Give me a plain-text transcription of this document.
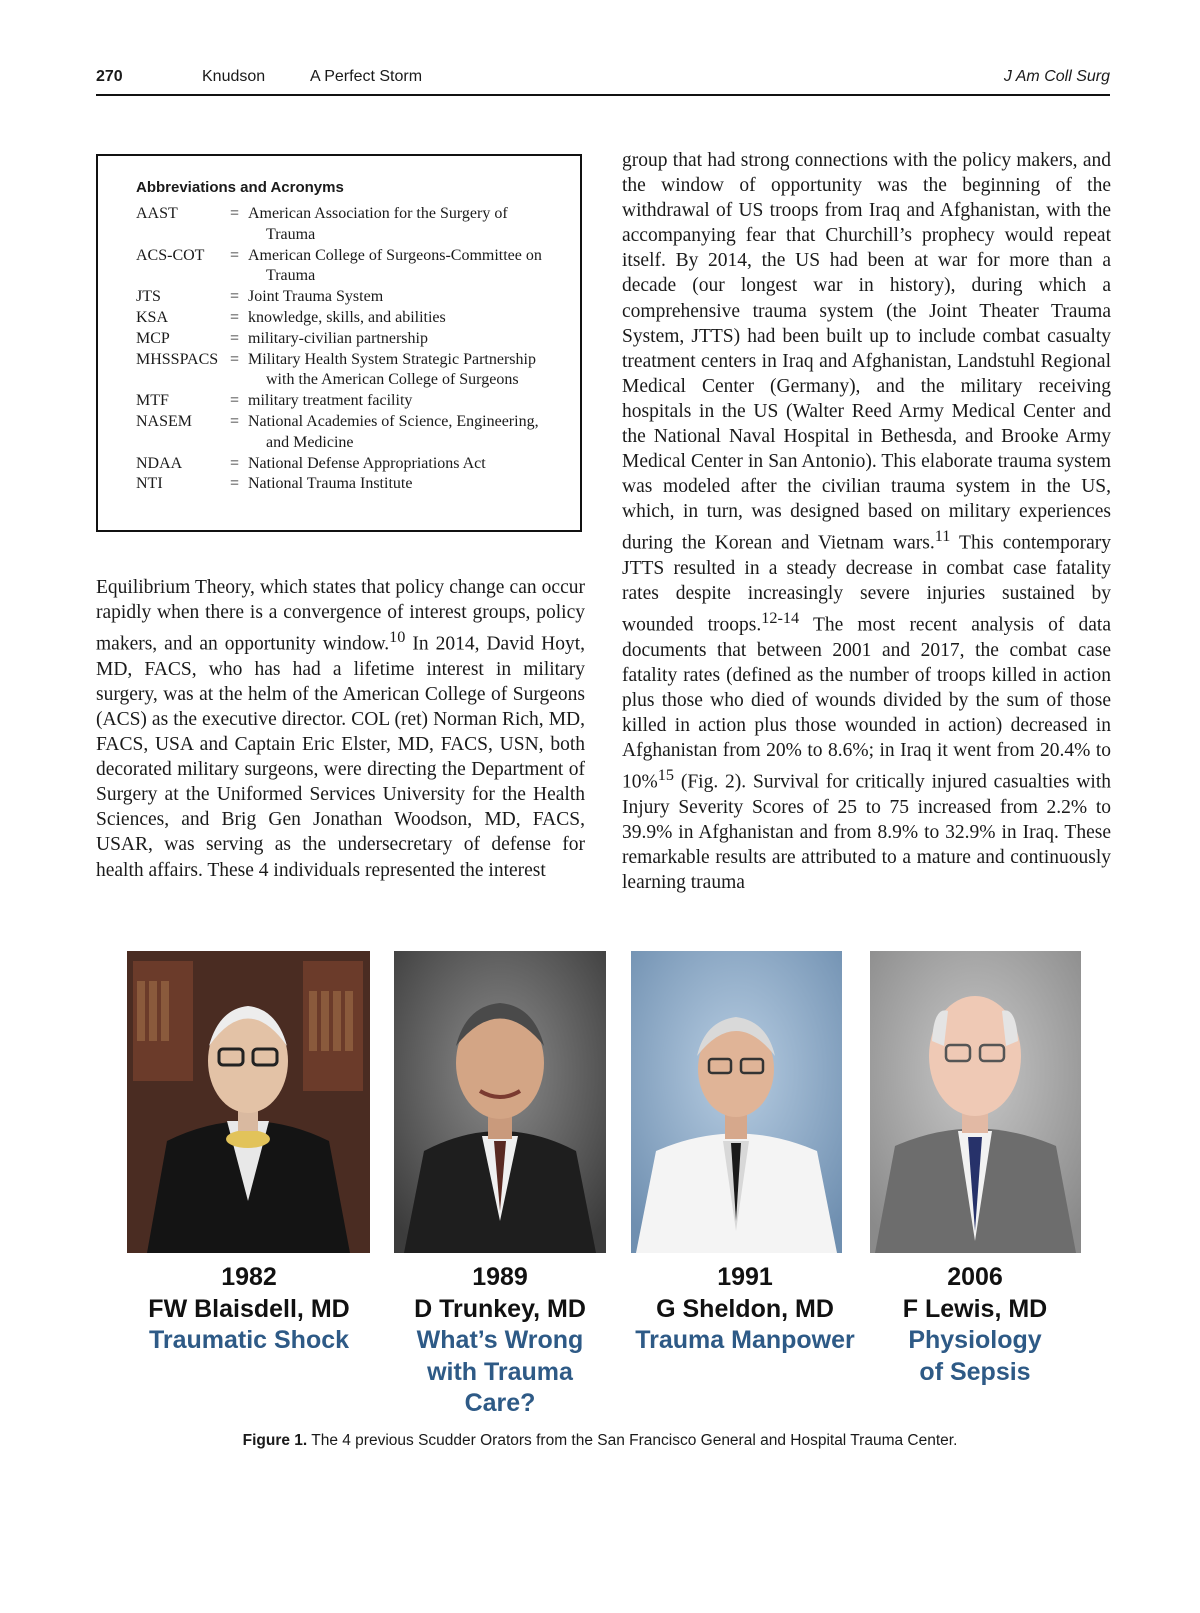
270	Knudson	A Perfect Storm	J Am Coll Surg
Abbreviations and Acronyms
AAST	= American Association for the Surgery of Trauma
ACS-COT	= American College of Surgeons-Committee on Trauma
JTS	= Joint Trauma System
KSA	= knowledge, skills, and abilities
MCP	= military-civilian partnership
MHSSPACS = Military Health System Strategic Partnership with the American College of Surgeons
MTF	= military treatment facility
NASEM	= National Academies of Science, Engineering, and Medicine
NDAA	= National Defense Appropriations Act
NTI	= National Trauma Institute

Equilibrium Theory, which states that policy change can occur rapidly when there is a convergence of interest groups, policy makers, and an opportunity window.$^{10}$ In 2014, David Hoyt, MD, FACS, who has had a lifetime interest in military surgery, was at the helm of the American College of Surgeons (ACS) as the executive director. COL (ret) Norman Rich, MD, FACS, USA and Captain Eric Elster, MD, FACS, USN, both decorated military surgeons, were directing the Department of Surgery at the Uniformed Services University for the Health Sciences, and Brig Gen Jonathan Woodson, MD, FACS, USAR, was serving as the undersecretary of defense for health affairs. These 4 individuals represented the interest

group that had strong connections with the policy makers, and the window of opportunity was the beginning of the withdrawal of US troops from Iraq and Afghanistan, with the accompanying fear that Churchill’s prophecy would repeat itself. By 2014, the US had been at war for more than a decade (our longest war in history), during which a comprehensive trauma system (the Joint Theater Trauma System, JTTS) had been built up to include combat casualty treatment centers in Iraq and Afghanistan, Landstuhl Regional Medical Center (Germany), and the military receiving hospitals in the US (Walter Reed Army Medical Center and the National Naval Hospital in Bethesda, and Brooke Army Medical Center in San Antonio). This elaborate trauma system was modeled after the civilian trauma system in the US, which, in turn, was designed based on military experiences during the Korean and Vietnam wars.$^{11}$ This contemporary JTTS resulted in a steady decrease in combat case fatality rates despite increasingly severe injuries sustained by wounded troops.$^{12-14}$ The most recent analysis of data documents that between 2001 and 2017, the combat case fatality rates (defined as the number of troops killed in action plus those who died of wounds divided by the sum of those killed in action plus those wounded in action) decreased in Afghanistan from 20% to 8.6%; in Iraq it went from 20.4% to 10%$^{15}$ (Fig. 2). Survival for critically injured casualties with Injury Severity Scores of 25 to 75 increased from 2.2% to 39.9% in Afghanistan and from 8.9% to 32.9% in Iraq. These remarkable results are attributed to a mature and continuously learning trauma

1982
FW Blaisdell, MD
Traumatic Shock
1989
D Trunkey, MD
What’s Wrong with Trauma Care?
1991
G Sheldon, MD
Trauma Manpower
2006
F Lewis, MD
Physiology of Sepsis
Figure 1. The 4 previous Scudder Orators from the San Francisco General and Hospital Trauma Center.
